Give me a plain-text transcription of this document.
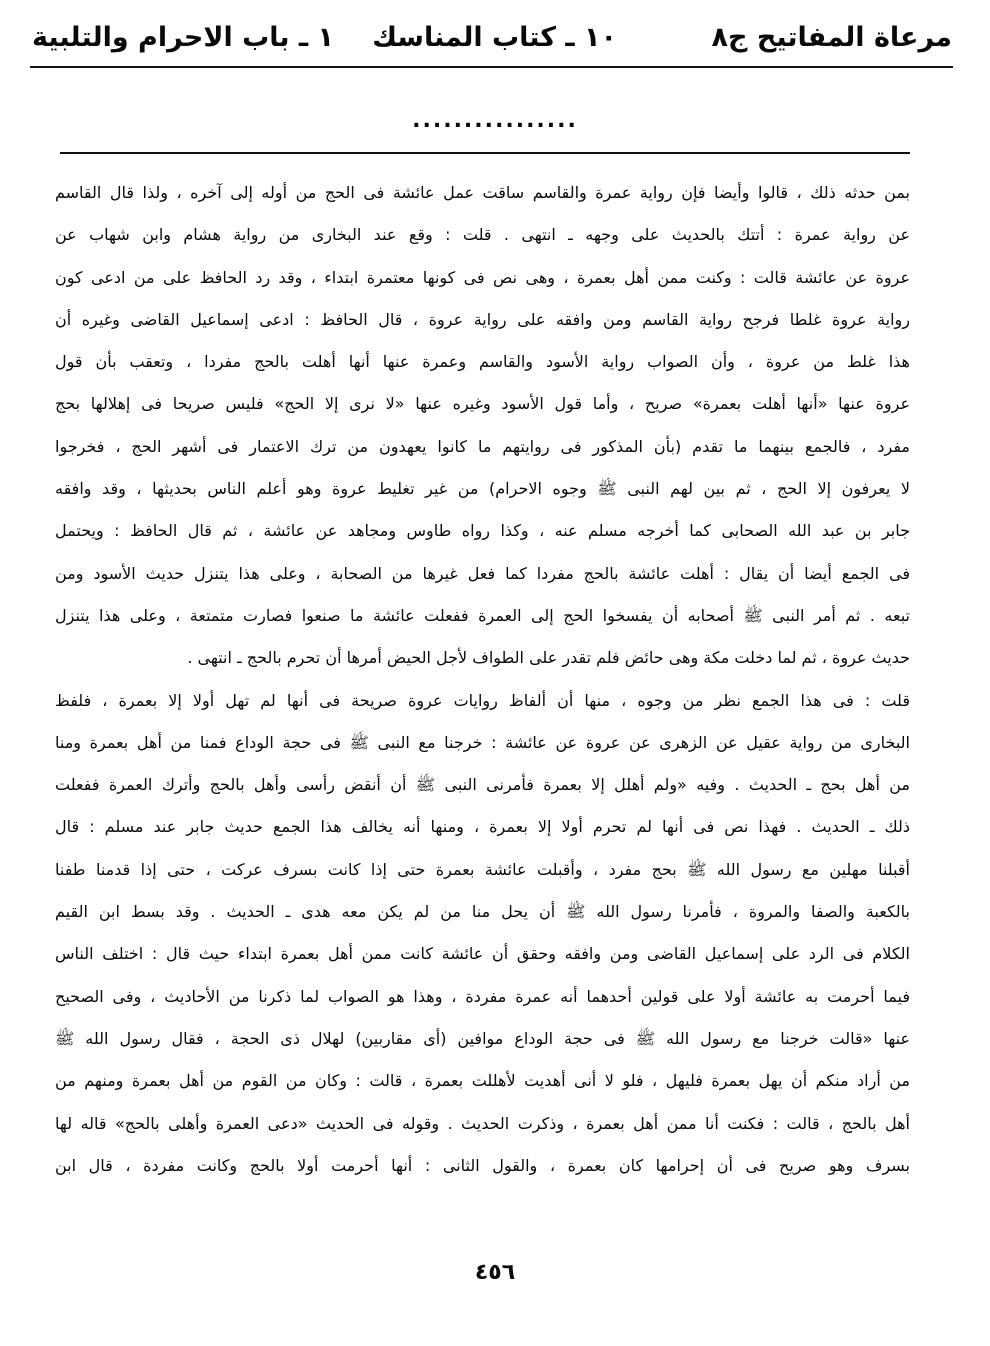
مرعاة المفاتيح ج٨
١٠ ـ كتاب المناسك
١ ـ باب الاحرام والتلبية
................
بمن حدثه ذلك ، قالوا وأيضا فإن رواية عمرة والقاسم ساقت عمل عائشة فى الحج من أوله إلى آخره ، ولذا قال القاسم
عن رواية عمرة : أتتك بالحديث على وجهه ـ انتهى . قلت : وقع عند البخارى من رواية هشام وابن شهاب عن
عروة عن عائشة قالت : وكنت ممن أهل بعمرة ، وهى نص فى كونها معتمرة ابتداء ، وقد رد الحافظ على من ادعى كون
رواية عروة غلطا فرجح رواية القاسم ومن وافقه على رواية عروة ، قال الحافظ : ادعى إسماعيل القاضى وغيره أن
هذا غلط من عروة ، وأن الصواب رواية الأسود والقاسم وعمرة عنها أنها أهلت بالحج مفردا ، وتعقب بأن قول
عروة عنها «أنها أهلت بعمرة» صريح ، وأما قول الأسود وغيره عنها «لا نرى إلا الحج» فليس صريحا فى إهلالها بحج
مفرد ، فالجمع بينهما ما تقدم (بأن المذكور فى روايتهم ما كانوا يعهدون من ترك الاعتمار فى أشهر الحج ، فخرجوا
لا يعرفون إلا الحج ، ثم بين لهم النبى ﷺ وجوه الاحرام) من غير تغليط عروة وهو أعلم الناس بحديثها ، وقد وافقه
جابر بن عبد الله الصحابى كما أخرجه مسلم عنه ، وكذا رواه طاوس ومجاهد عن عائشة ، ثم قال الحافظ : ويحتمل
فى الجمع أيضا أن يقال : أهلت عائشة بالحج مفردا كما فعل غيرها من الصحابة ، وعلى هذا يتنزل حديث الأسود ومن
تبعه . ثم أمر النبى ﷺ أصحابه أن يفسخوا الحج إلى العمرة ففعلت عائشة ما صنعوا فصارت متمتعة ، وعلى هذا يتنزل
حديث عروة ، ثم لما دخلت مكة وهى حائض فلم تقدر على الطواف لأجل الحيض أمرها أن تحرم بالحج ـ انتهى .
قلت : فى هذا الجمع نظر من وجوه ، منها أن ألفاظ روايات عروة صريحة فى أنها لم تهل أولا إلا بعمرة ، فلفظ
البخارى من رواية عقيل عن الزهرى عن عروة عن عائشة : خرجنا مع النبى ﷺ فى حجة الوداع فمنا من أهل بعمرة ومنا
من أهل بحج ـ الحديث . وفيه «ولم أهلل إلا بعمرة فأمرنى النبى ﷺ أن أنقض رأسى وأهل بالحج وأترك العمرة ففعلت
ذلك ـ الحديث . فهذا نص فى أنها لم تحرم أولا إلا بعمرة ، ومنها أنه يخالف هذا الجمع حديث جابر عند مسلم : قال
أقبلنا مهلين مع رسول الله ﷺ بحج مفرد ، وأقبلت عائشة بعمرة حتى إذا كانت بسرف عركت ، حتى إذا قدمنا طفنا
بالكعبة والصفا والمروة ، فأمرنا رسول الله ﷺ أن يحل منا من لم يكن معه هدى ـ الحديث . وقد بسط ابن القيم
الكلام فى الرد على إسماعيل القاضى ومن وافقه وحقق أن عائشة كانت ممن أهل بعمرة ابتداء حيث قال : اختلف الناس
فيما أحرمت به عائشة أولا على قولين أحدهما أنه عمرة مفردة ، وهذا هو الصواب لما ذكرنا من الأحاديث ، وفى الصحيح
عنها «قالت خرجنا مع رسول الله ﷺ فى حجة الوداع موافين (أى مقاربين) لهلال ذى الحجة ، فقال رسول الله ﷺ
من أراد منكم أن يهل بعمرة فليهل ، فلو لا أنى أهديت لأهللت بعمرة ، قالت : وكان من القوم من أهل بعمرة ومنهم من
أهل بالحج ، قالت : فكنت أنا ممن أهل بعمرة ، وذكرت الحديث . وقوله فى الحديث «دعى العمرة وأهلى بالحج» قاله لها
بسرف وهو صريح فى أن إحرامها كان بعمرة ، والقول الثانى : أنها أحرمت أولا بالحج وكانت مفردة ، قال ابن
٤٥٦
